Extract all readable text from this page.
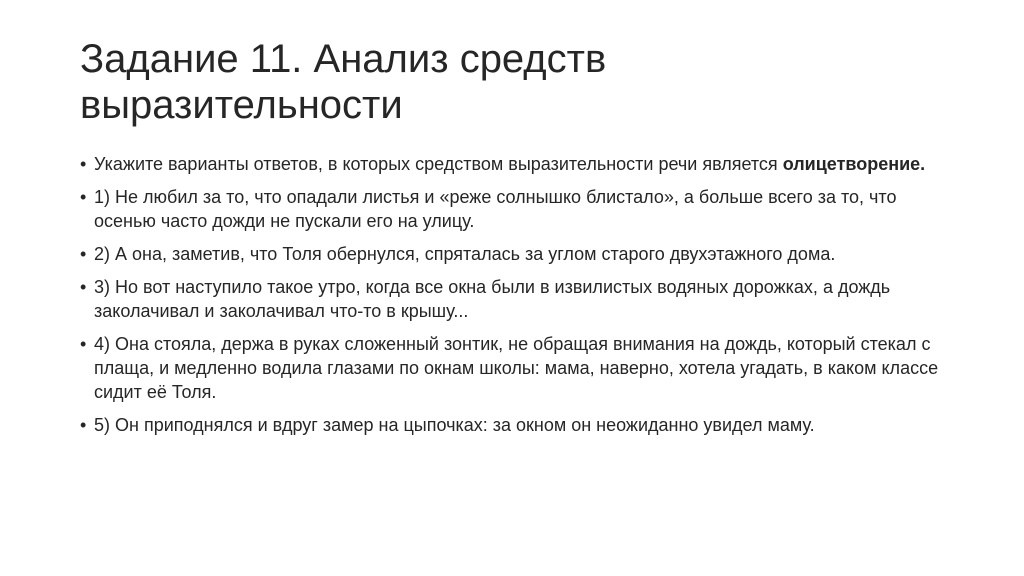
Задание 11. Анализ средств выразительности
• Укажите варианты ответов, в которых средством выразительности речи является олицетворение.
• 1) Не любил за то, что опадали листья и «реже солнышко блистало», а больше всего за то, что осенью часто дожди не пускали его на улицу.
• 2) А она, заметив, что Толя обернулся, спряталась за углом старого двухэтажного дома.
• 3) Но вот наступило такое утро, когда все окна были в извилистых водяных дорожках, а дождь заколачивал и заколачивал что-то в крышу...
• 4) Она стояла, держа в руках сложенный зонтик, не обращая внимания на дождь, который стекал с плаща, и медленно водила глазами по окнам школы: мама, наверно, хотела угадать, в каком классе сидит её Толя.
• 5) Он приподнялся и вдруг замер на цыпочках: за окном он неожиданно увидел маму.
